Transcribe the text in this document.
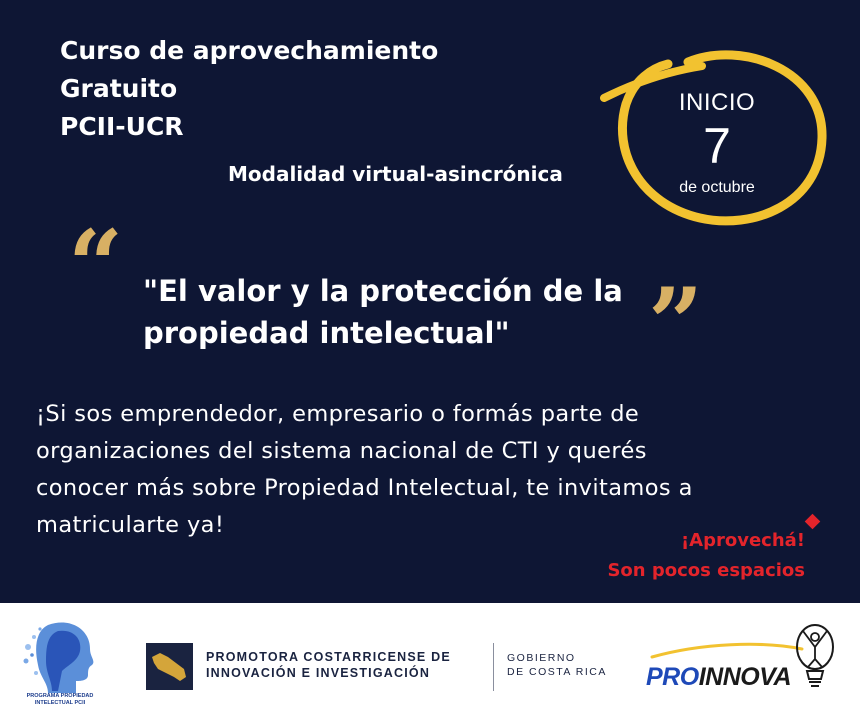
Curso de aprovechamiento
Gratuito
PCII-UCR
Modalidad virtual-asincrónica
INICIO
7
de octubre
“ "El valor y la protección de la propiedad intelectual"	”
¡Si sos emprendedor, empresario o formás parte de organizaciones del sistema nacional de CTI y querés conocer más sobre Propiedad Intelectual, te invitamos a matricularte ya!
¡Aprovechá!
Son pocos espacios
PROGRAMA PROPIEDAD INTELECTUAL PCII
PROMOTORA COSTARRICENSE DE
INNOVACIÓN E INVESTIGACIÓN
GOBIERNO
DE COSTA RICA PROINNOVA
